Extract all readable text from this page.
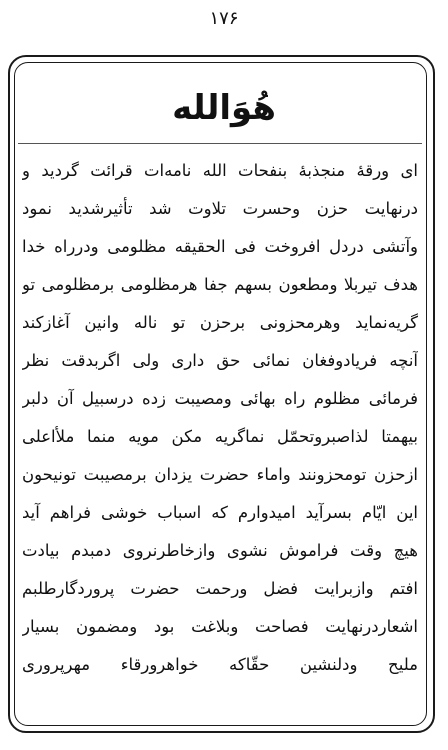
۱۷۶
هُوَالله
ای ورقهٔ منجذبهٔ بنفحات الله نامه‌ات قرائت گردید و
درنهایت حزن وحسرت تلاوت شد تأثیرشدید نمود
وآتشی دردل افروخت فی الحقیقه مظلومی ودرراه خدا
هدف تیربلا ومطعون بسهم جفا هرمظلومی برمظلومی تو
گریه‌نماید وهرمحزونی برحزن تو ناله وانین آغازکند
آنچه فریادوفغان نمائی حق داری ولی اگربدقت نظر
فرمائی مظلوم راه بهائی ومصیبت زده درسبیل آن دلبر
بیهمتا لذاصبروتحمّل نماگریه مکن مویه منما ملأاعلی
ازحزن تومحزونند واماء حضرت یزدان برمصیبت تونیحون
این ایّام بسرآید امیدوارم که اسباب خوشی فراهم آید
هیچ وقت فراموش نشوی وازخاطرنروی دمبدم بیادت
افتم وازبرایت فضل ورحمت حضرت پروردگارطلبم
اشعاردرنهایت فصاحت وبلاغت بود ومضمون بسیار
ملیح ودلنشین حقّاکه خواهرورقاء مهرپروری
